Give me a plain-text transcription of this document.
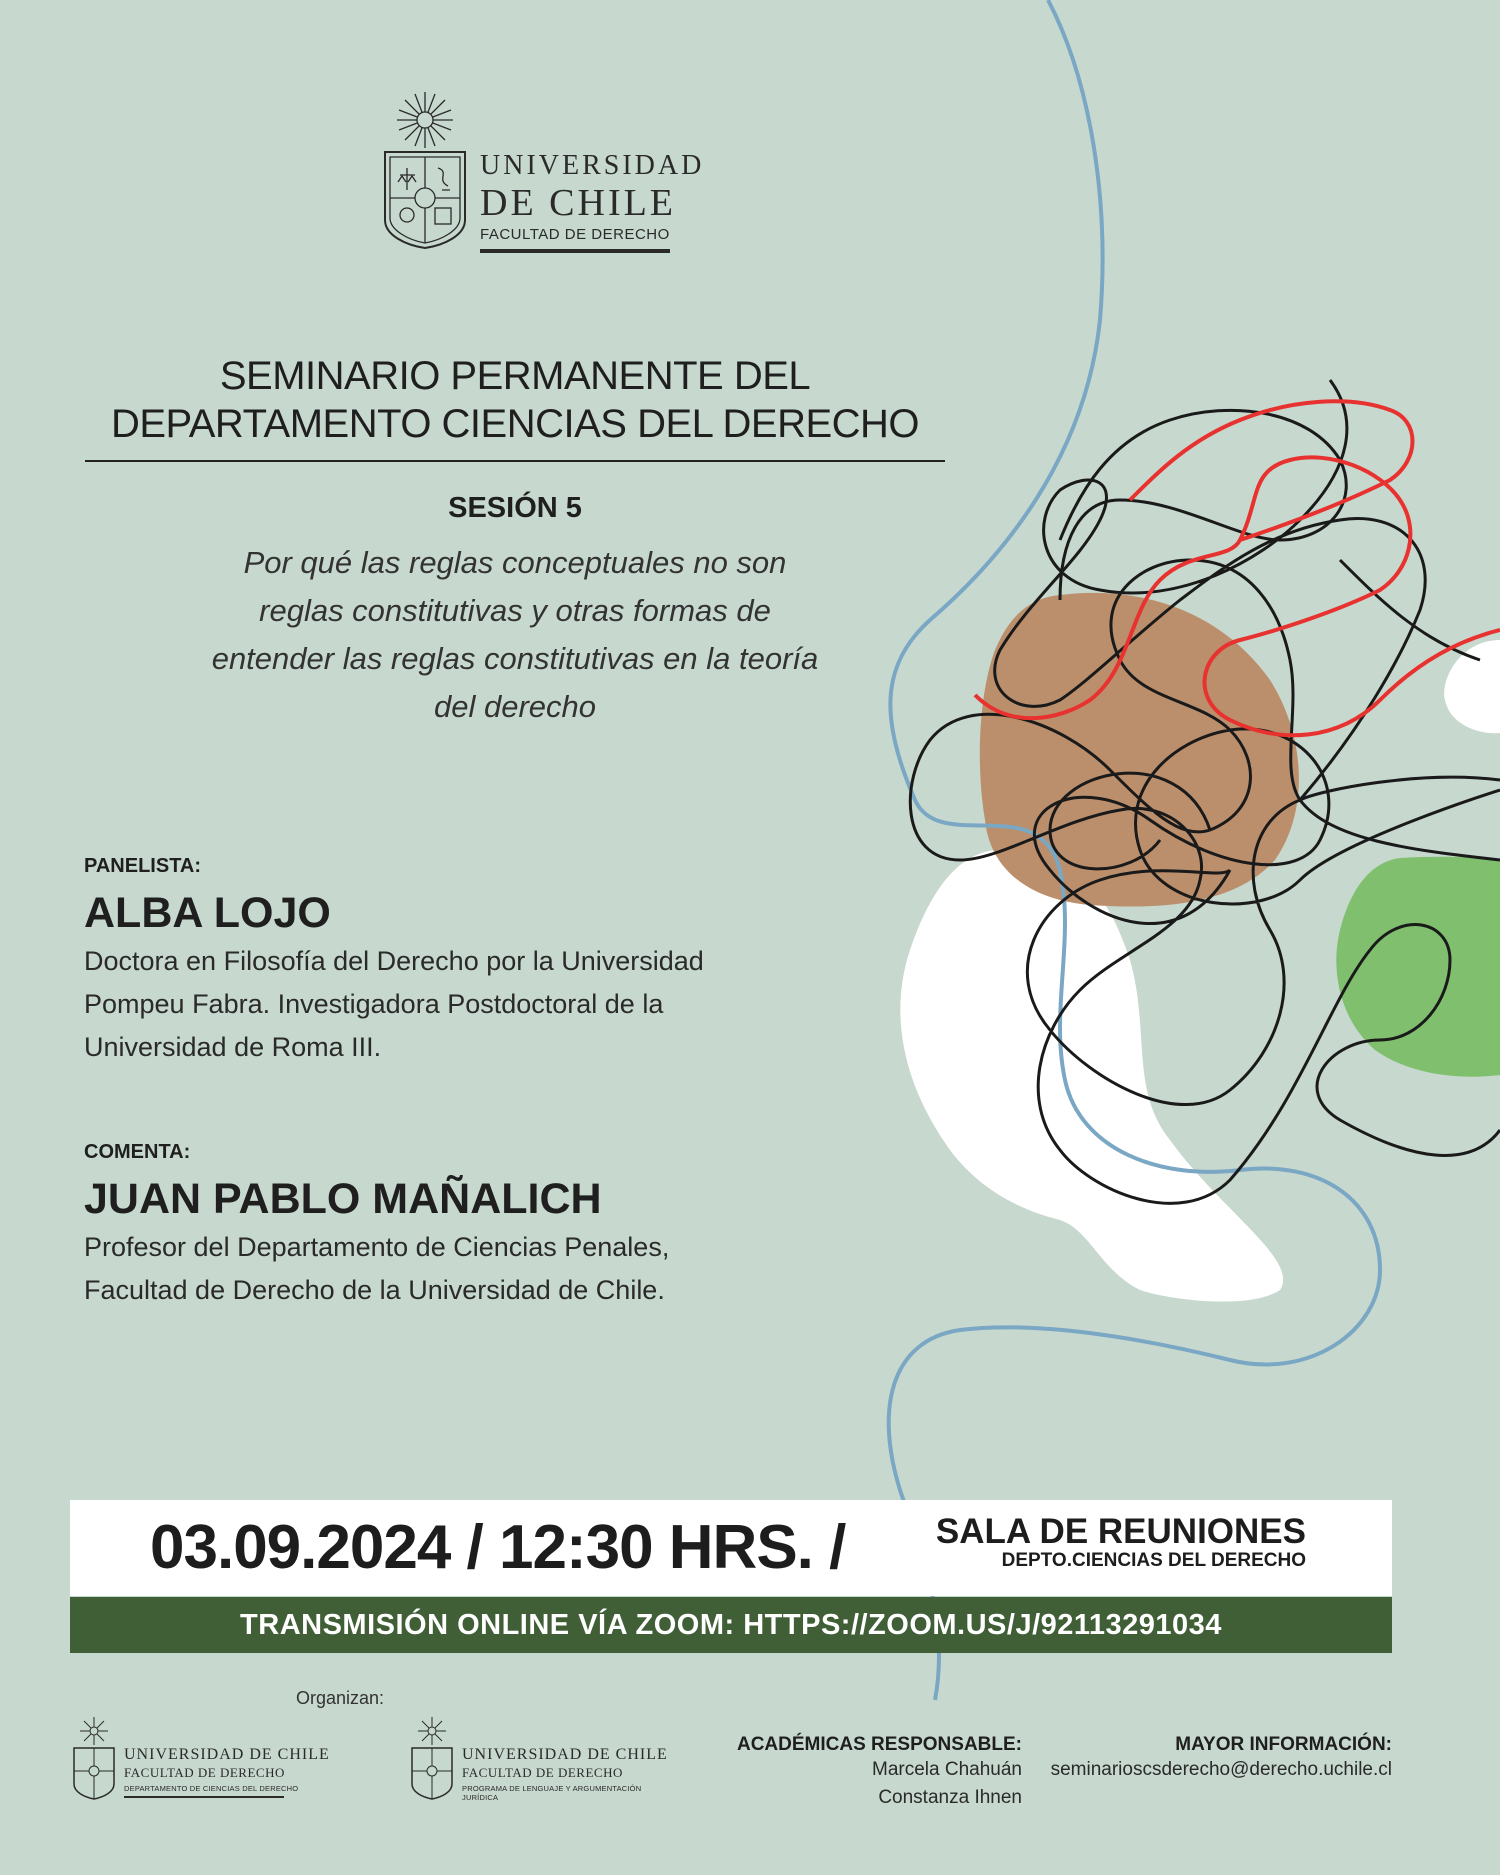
UNIVERSIDAD
DE CHILE
FACULTAD DE DERECHO
SEMINARIO PERMANENTE DEL
DEPARTAMENTO CIENCIAS DEL DERECHO
SESIÓN 5
Por qué las reglas conceptuales no son
reglas constitutivas y otras formas de
entender las reglas constitutivas en la teoría
del derecho
PANELISTA:
ALBA LOJO
Doctora en Filosofía del Derecho por la Universidad
Pompeu Fabra. Investigadora Postdoctoral de la
Universidad de Roma III.
COMENTA:
JUAN PABLO MAÑALICH
Profesor del Departamento de Ciencias Penales,
Facultad de Derecho de la Universidad de Chile.
03.09.2024 / 12:30 HRS. /	SALA DE REUNIONES
DEPTO.CIENCIAS DEL DERECHO
TRANSMISIÓN ONLINE VÍA ZOOM: HTTPS://ZOOM.US/J/92113291034
Organizan:
UNIVERSIDAD DE CHILE
FACULTAD DE DERECHO
DEPARTAMENTO DE CIENCIAS DEL DERECHO
UNIVERSIDAD DE CHILE
FACULTAD DE DERECHO
PROGRAMA DE LENGUAJE Y ARGUMENTACIÓN JURÍDICA
ACADÉMICAS RESPONSABLE:
Marcela Chahuán
Constanza Ihnen
MAYOR INFORMACIÓN:
seminarioscsderecho@derecho.uchile.cl
